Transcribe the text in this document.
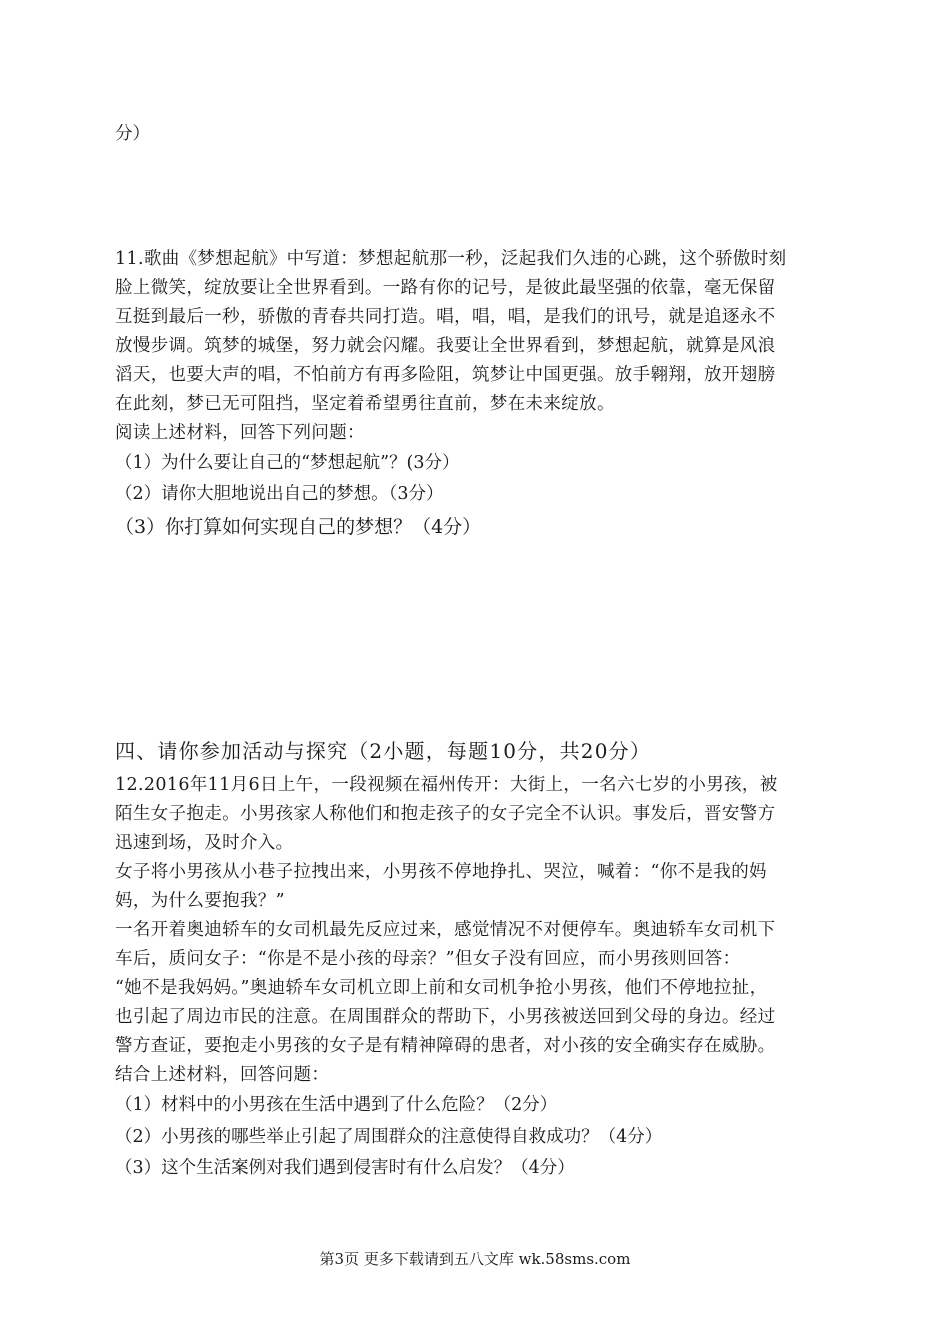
分）
11.歌曲《梦想起航》中写道：梦想起航那一秒，泛起我们久违的心跳，这个骄傲时刻
脸上微笑，绽放要让全世界看到。一路有你的记号，是彼此最坚强的依靠，毫无保留
互挺到最后一秒，骄傲的青春共同打造。唱，唱，唱，是我们的讯号，就是追逐永不
放慢步调。筑梦的城堡，努力就会闪耀。我要让全世界看到，梦想起航，就算是风浪
滔天，也要大声的唱，不怕前方有再多险阻，筑梦让中国更强。放手翱翔，放开翅膀
在此刻，梦已无可阻挡，坚定着希望勇往直前，梦在未来绽放。
阅读上述材料，回答下列问题：
（1）为什么要让自己的“梦想起航”？(3分）
（2）请你大胆地说出自己的梦想。（3分）
（3）你打算如何实现自己的梦想？（4分）
四、请你参加活动与探究（2小题，每题10分，共20分）
12.2016年11月6日上午，一段视频在福州传开：大街上，一名六七岁的小男孩，被
陌生女子抱走。小男孩家人称他们和抱走孩子的女子完全不认识。事发后，晋安警方
迅速到场，及时介入。
女子将小男孩从小巷子拉拽出来，小男孩不停地挣扎、哭泣，喊着：“你不是我的妈
妈，为什么要抱我？”
一名开着奥迪轿车的女司机最先反应过来，感觉情况不对便停车。奥迪轿车女司机下
车后，质问女子：“你是不是小孩的母亲？”但女子没有回应，而小男孩则回答：
“她不是我妈妈。”奥迪轿车女司机立即上前和女司机争抢小男孩，他们不停地拉扯，
也引起了周边市民的注意。在周围群众的帮助下，小男孩被送回到父母的身边。经过
警方查证，要抱走小男孩的女子是有精神障碍的患者，对小孩的安全确实存在威胁。
结合上述材料，回答问题：
（1）材料中的小男孩在生活中遇到了什么危险？（2分）
（2）小男孩的哪些举止引起了周围群众的注意使得自救成功？（4分）
（3）这个生活案例对我们遇到侵害时有什么启发？（4分）
第3页 更多下载请到五八文库 wk.58sms.com
